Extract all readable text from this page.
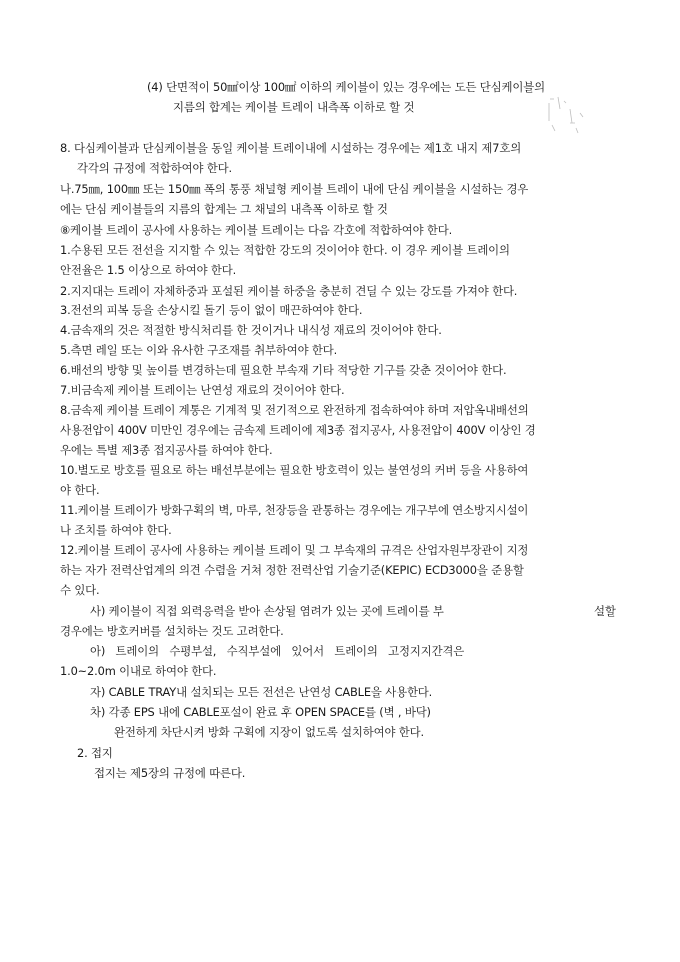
(4) 단면적이 50㎟이상 100㎟ 이하의 케이블이 있는 경우에는 도든 단심케이블의
지름의 합계는 케이블 트레이 내측폭 이하로 할 것
8. 다심케이블과 단심케이블을 동일 케이블 트레이내에 시설하는 경우에는 제1호 내지 제7호의
각각의 규정에 적합하여야 한다.
나.75㎜, 100㎜ 또는 150㎜ 폭의 통풍 채널형 케이블 트레이 내에 단심 케이블을 시설하는 경우
에는 단심 케이블들의 지름의 합계는 그 채널의 내측폭 이하로 할 것
⑧케이블 트레이 공사에 사용하는 케이블 트레이는 다음 각호에 적합하여야 한다.
1.수용된 모든 전선을 지지할 수 있는 적합한 강도의 것이어야 한다. 이 경우 케이블 트레이의
안전율은 1.5 이상으로 하여야 한다.
2.지지대는 트레이 자체하중과 포설된 케이블 하중을 충분히 견딜 수 있는 강도를 가져야 한다.
3.전선의 피복 등을 손상시킬 돌기 등이 없이 매끈하여야 한다.
4.금속재의 것은 적절한 방식처리를 한 것이거나 내식성 재료의 것이어야 한다.
5.측면 레일 또는 이와 유사한 구조재를 취부하여야 한다.
6.배선의 방향 및 높이를 변경하는데 필요한 부속재 기타 적당한 기구를 갖춘 것이어야 한다.
7.비금속제 케이블 트레이는 난연성 재료의 것이어야 한다.
8.금속제 케이블 트레이 계통은 기계적 및 전기적으로 완전하게 접속하여야 하며 저압옥내배선의
사용전압이 400V 미만인 경우에는 금속제 트레이에 제3종 접지공사, 사용전압이 400V 이상인 경
우에는 특별 제3종 접지공사를 하여야 한다.
10.별도로 방호를 필요로 하는 배선부분에는 필요한 방호력이 있는 불연성의 커버 등을 사용하여
야 한다.
11.케이블 트레이가 방화구획의 벽, 마루, 천장등을 관통하는 경우에는 개구부에 연소방지시설이
나 조치를 하여야 한다.
12.케이블 트레이 공사에 사용하는 케이블 트레이 및 그 부속재의 규격은 산업자원부장관이 지정
하는 자가 전력산업계의 의견 수렴을 거쳐 정한 전력산업 기술기준(KEPIC) ECD3000을 준용할
수 있다.
사) 케이블이 직접 외력응력을 받아 손상될 염려가 있는 곳에 트레이를 부	설할
경우에는 방호커버를 설치하는 것도 고려한다.
아)   트레이의   수평부설,   수직부설에   있어서   트레이의   고정지지간격은
1.0~2.0m 이내로 하여야 한다.
자) CABLE TRAY내 설치되는 모든 전선은 난연성 CABLE을 사용한다.
차) 각종 EPS 내에 CABLE포설이 완료 후 OPEN SPACE를 (벽 , 바닥)
완전하게 차단시켜 방화 구획에 지장이 없도록 설치하여야 한다.
2. 접지
접지는 제5장의 규정에 따른다.
